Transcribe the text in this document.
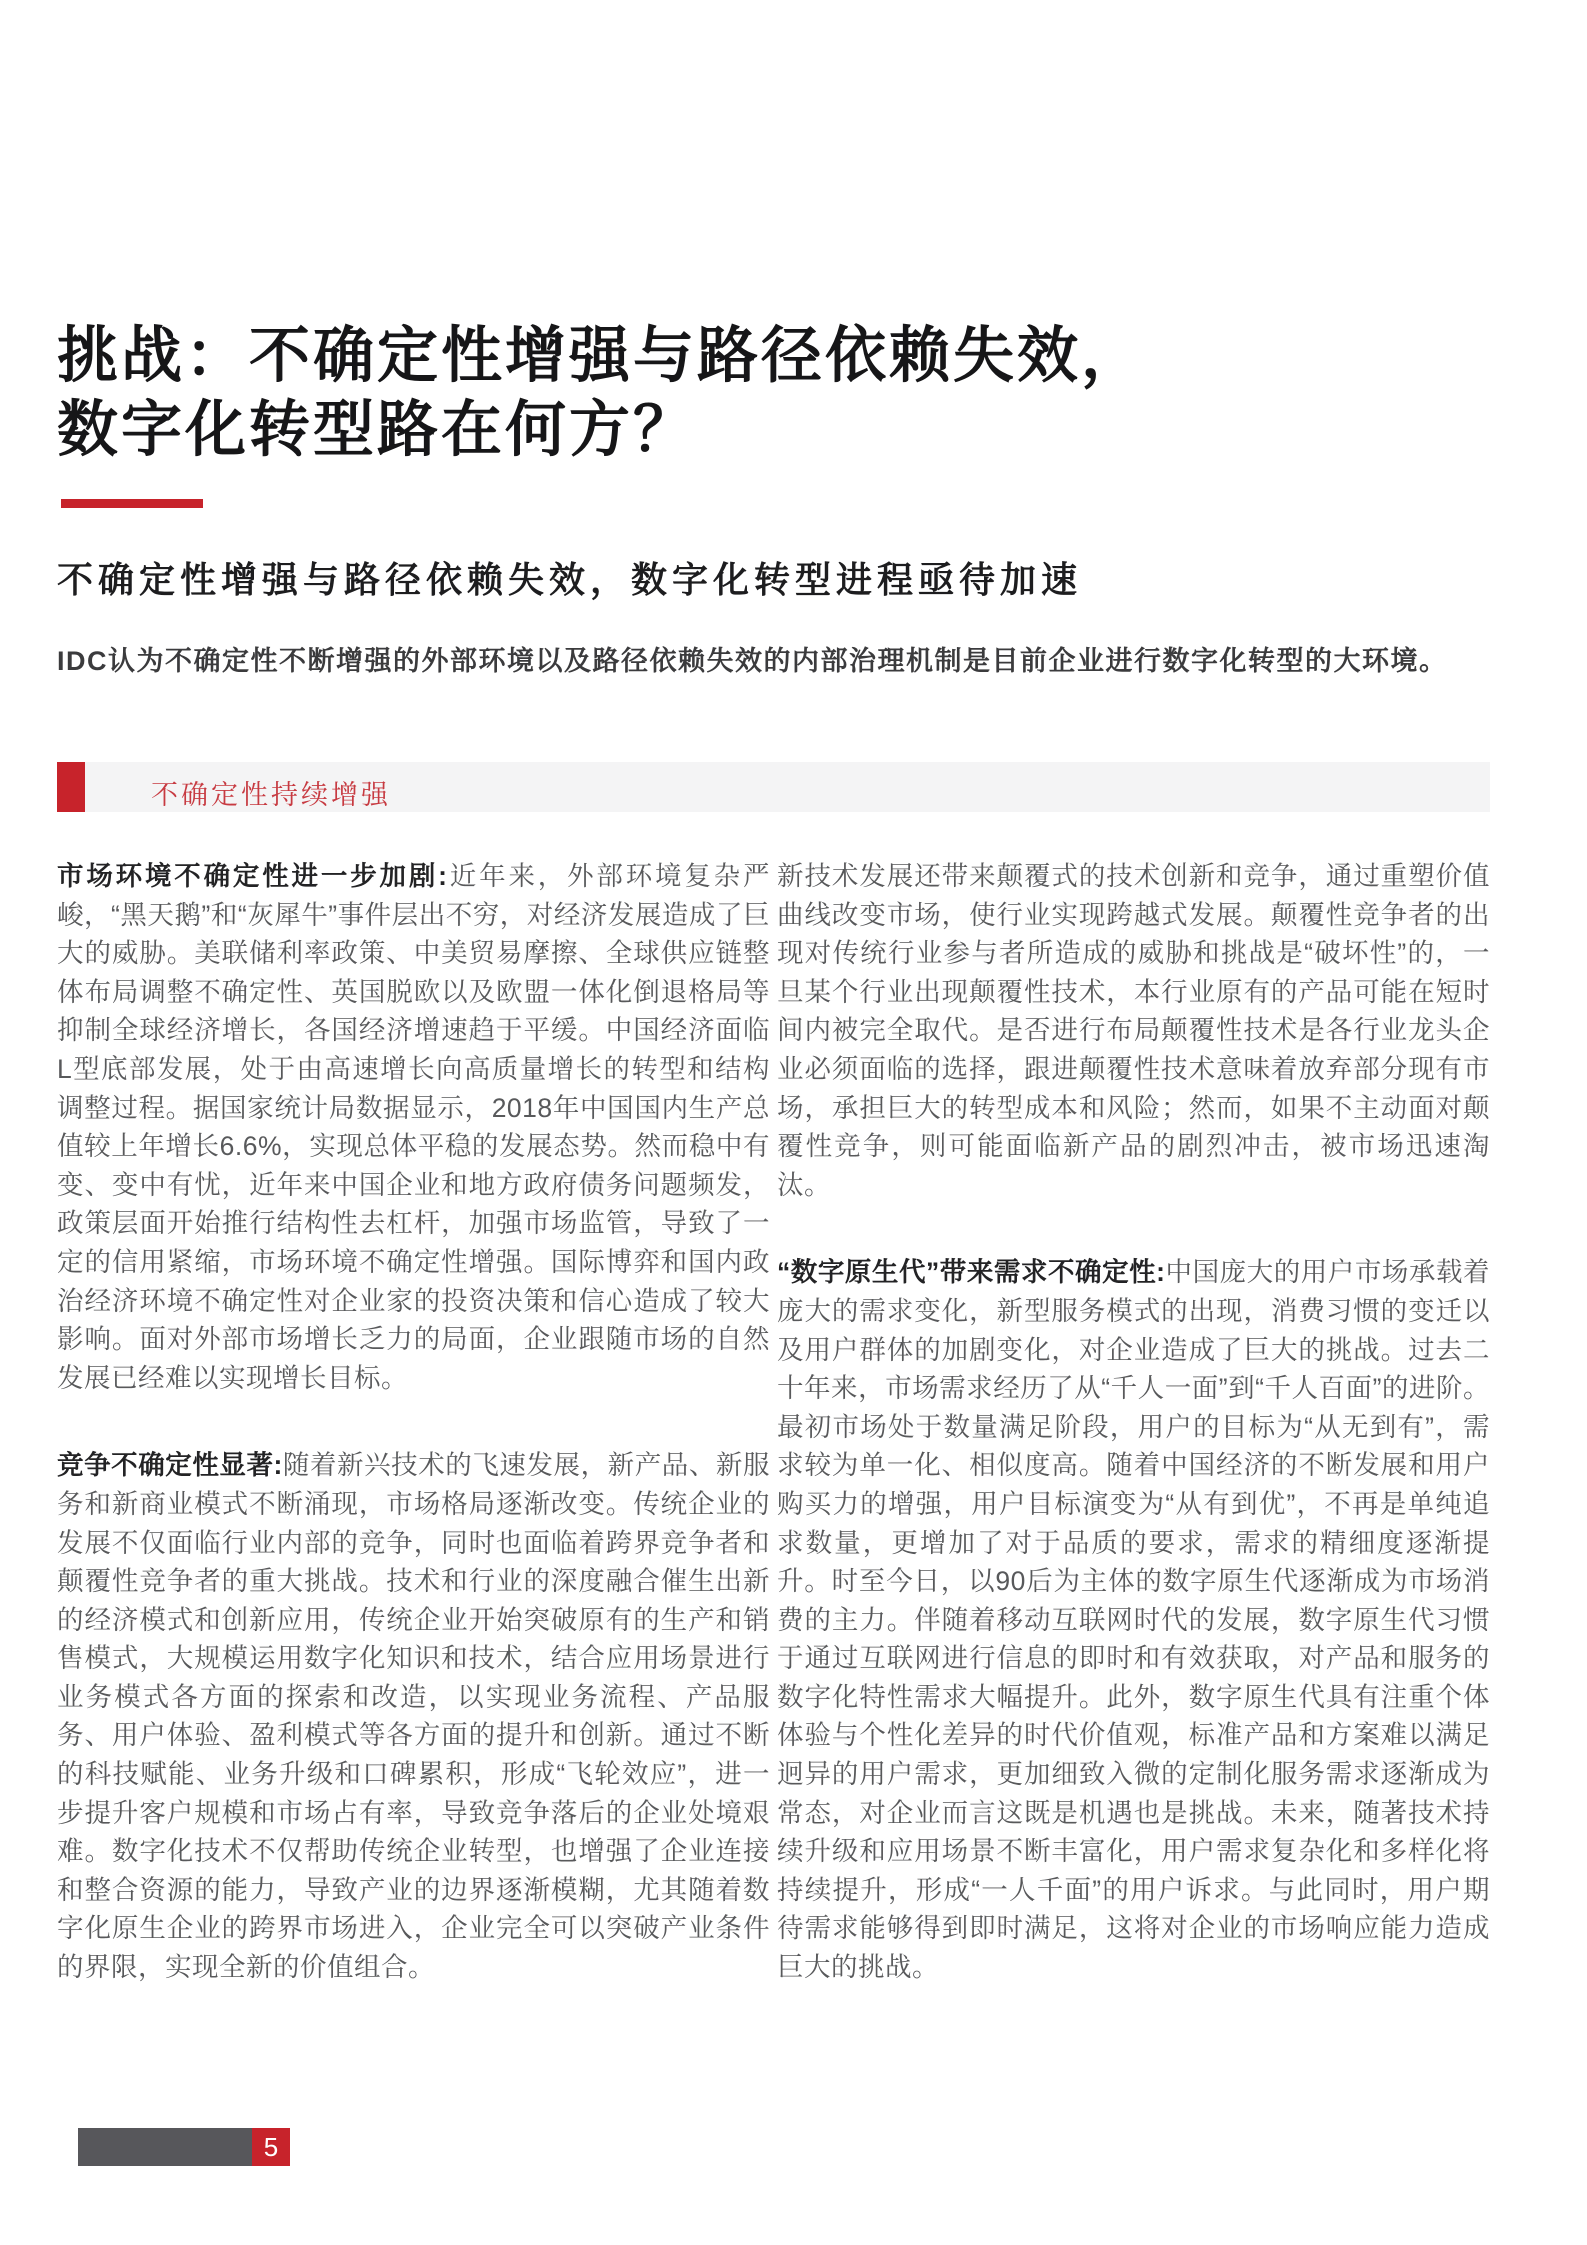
挑战：不确定性增强与路径依赖失效，
数字化转型路在何方？
不确定性增强与路径依赖失效，数字化转型进程亟待加速

IDC认为不确定性不断增强的外部环境以及路径依赖失效的内部治理机制是目前企业进行数字化转型的大环境。

不确定性持续增强

市场环境不确定性进一步加剧:近年来，外部环境复杂严峻，“黑天鹅”和“灰犀牛”事件层出不穷，对经济发展造成了巨大的威胁。美联储利率政策、中美贸易摩擦、全球供应链整体布局调整不确定性、英国脱欧以及欧盟一体化倒退格局等抑制全球经济增长，各国经济增速趋于平缓。中国经济面临L型底部发展，处于由高速增长向高质量增长的转型和结构调整过程。据国家统计局数据显示，2018年中国国内生产总值较上年增长6.6%，实现总体平稳的发展态势。然而稳中有变、变中有忧，近年来中国企业和地方政府债务问题频发，政策层面开始推行结构性去杠杆，加强市场监管，导致了一定的信用紧缩，市场环境不确定性增强。国际博弈和国内政治经济环境不确定性对企业家的投资决策和信心造成了较大影响。面对外部市场增长乏力的局面，企业跟随市场的自然发展已经难以实现增长目标。

竞争不确定性显著:随着新兴技术的飞速发展，新产品、新服务和新商业模式不断涌现，市场格局逐渐改变。传统企业的发展不仅面临行业内部的竞争，同时也面临着跨界竞争者和颠覆性竞争者的重大挑战。技术和行业的深度融合催生出新的经济模式和创新应用，传统企业开始突破原有的生产和销售模式，大规模运用数字化知识和技术，结合应用场景进行业务模式各方面的探索和改造，以实现业务流程、产品服务、用户体验、盈利模式等各方面的提升和创新。通过不断的科技赋能、业务升级和口碑累积，形成“飞轮效应”，进一步提升客户规模和市场占有率，导致竞争落后的企业处境艰难。数字化技术不仅帮助传统企业转型，也增强了企业连接和整合资源的能力，导致产业的边界逐渐模糊，尤其随着数字化原生企业的跨界市场进入，企业完全可以突破产业条件的界限，实现全新的价值组合。

新技术发展还带来颠覆式的技术创新和竞争，通过重塑价值曲线改变市场，使行业实现跨越式发展。颠覆性竞争者的出现对传统行业参与者所造成的威胁和挑战是“破坏性”的，一旦某个行业出现颠覆性技术，本行业原有的产品可能在短时间内被完全取代。是否进行布局颠覆性技术是各行业龙头企业必须面临的选择，跟进颠覆性技术意味着放弃部分现有市场，承担巨大的转型成本和风险；然而，如果不主动面对颠覆性竞争，则可能面临新产品的剧烈冲击，被市场迅速淘汰。

“数字原生代”带来需求不确定性:中国庞大的用户市场承载着庞大的需求变化，新型服务模式的出现，消费习惯的变迁以及用户群体的加剧变化，对企业造成了巨大的挑战。过去二十年来，市场需求经历了从“千人一面”到“千人百面”的进阶。最初市场处于数量满足阶段，用户的目标为“从无到有”，需求较为单一化、相似度高。随着中国经济的不断发展和用户购买力的增强，用户目标演变为“从有到优”，不再是单纯追求数量，更增加了对于品质的要求，需求的精细度逐渐提升。时至今日，以90后为主体的数字原生代逐渐成为市场消费的主力。伴随着移动互联网时代的发展，数字原生代习惯于通过互联网进行信息的即时和有效获取，对产品和服务的数字化特性需求大幅提升。此外，数字原生代具有注重个体体验与个性化差异的时代价值观，标准产品和方案难以满足迥异的用户需求，更加细致入微的定制化服务需求逐渐成为常态，对企业而言这既是机遇也是挑战。未来，随著技术持续升级和应用场景不断丰富化，用户需求复杂化和多样化将持续提升，形成“一人千面”的用户诉求。与此同时，用户期待需求能够得到即时满足，这将对企业的市场响应能力造成巨大的挑战。

5
